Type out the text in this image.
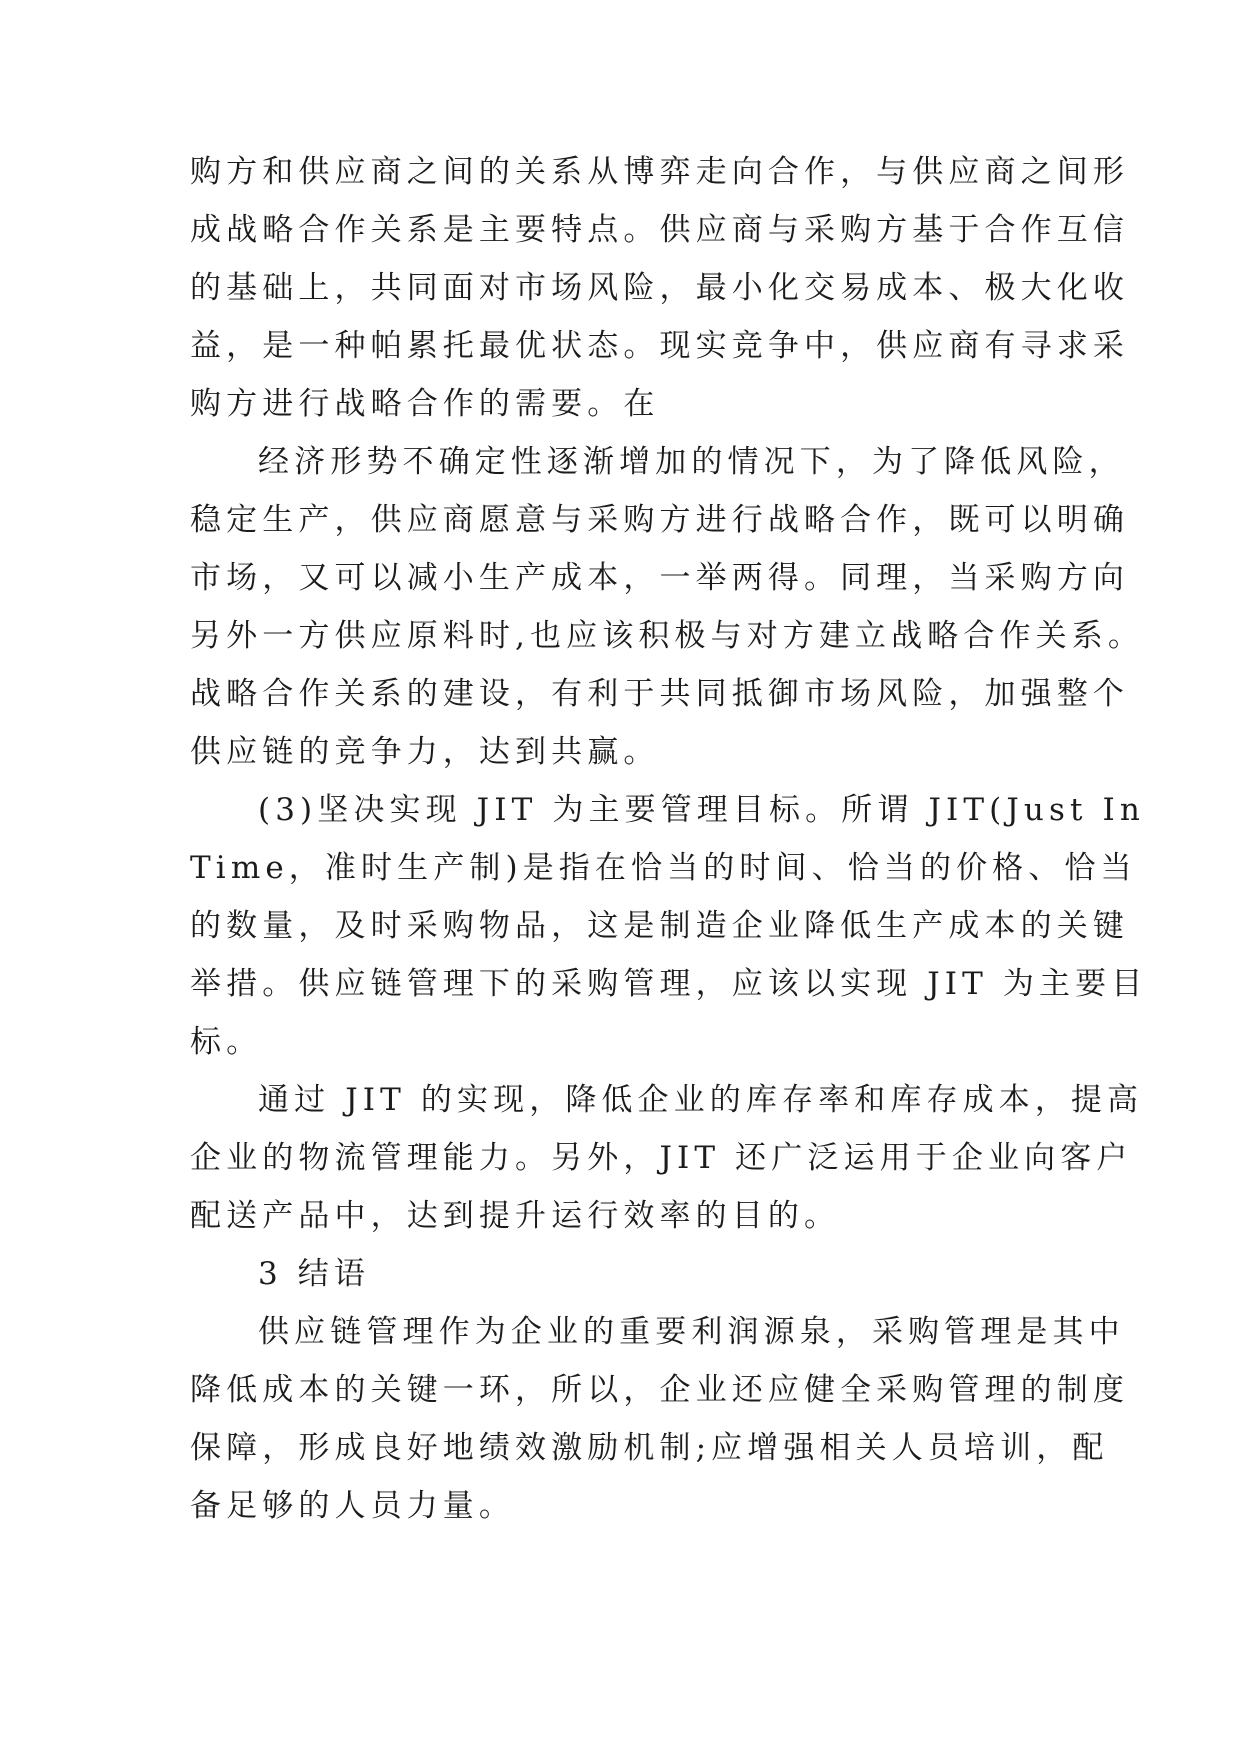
购方和供应商之间的关系从博弈走向合作，与供应商之间形
成战略合作关系是主要特点。供应商与采购方基于合作互信
的基础上，共同面对市场风险，最小化交易成本、极大化收
益，是一种帕累托最优状态。现实竞争中，供应商有寻求采
购方进行战略合作的需要。在
经济形势不确定性逐渐增加的情况下，为了降低风险，
稳定生产，供应商愿意与采购方进行战略合作，既可以明确
市场，又可以减小生产成本，一举两得。同理，当采购方向
另外一方供应原料时,也应该积极与对方建立战略合作关系。
战略合作关系的建设，有利于共同抵御市场风险，加强整个
供应链的竞争力，达到共赢。
(3)坚决实现 JIT 为主要管理目标。所谓 JIT(Just In
Time，准时生产制)是指在恰当的时间、恰当的价格、恰当
的数量，及时采购物品，这是制造企业降低生产成本的关键
举措。供应链管理下的采购管理，应该以实现 JIT 为主要目
标。
通过 JIT 的实现，降低企业的库存率和库存成本，提高
企业的物流管理能力。另外，JIT 还广泛运用于企业向客户
配送产品中，达到提升运行效率的目的。
3 结语
供应链管理作为企业的重要利润源泉，采购管理是其中
降低成本的关键一环，所以，企业还应健全采购管理的制度
保障，形成良好地绩效激励机制;应增强相关人员培训，配
备足够的人员力量。
